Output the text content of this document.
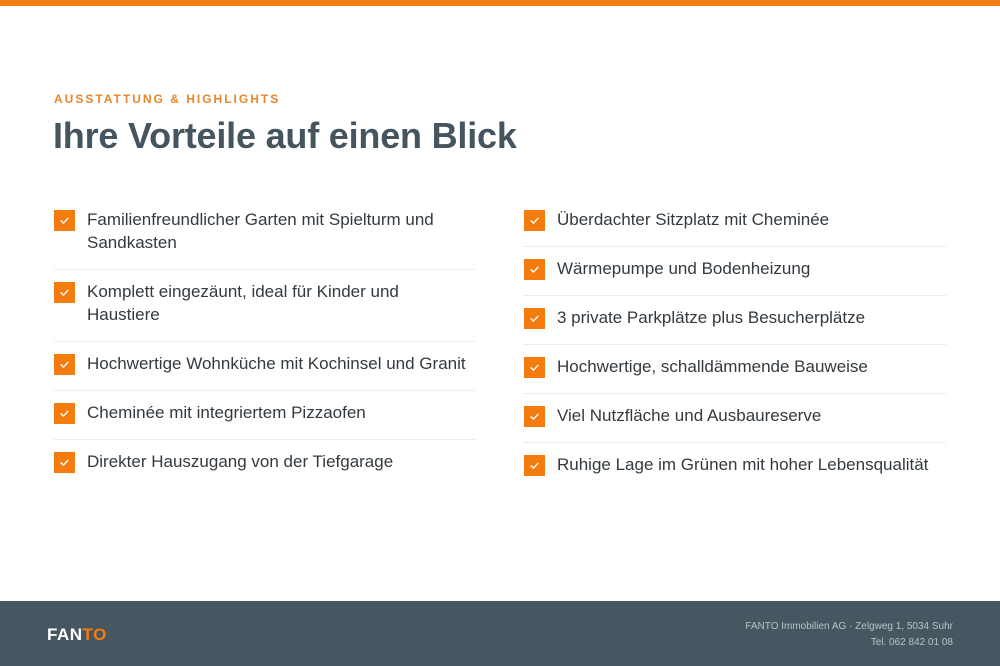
AUSSTATTUNG & HIGHLIGHTS
Ihre Vorteile auf einen Blick
Familienfreundlicher Garten mit Spielturm und Sandkasten
Komplett eingezäunt, ideal für Kinder und Haustiere
Hochwertige Wohnküche mit Kochinsel und Granit
Cheminée mit integriertem Pizzaofen
Direkter Hauszugang von der Tiefgarage
Überdachter Sitzplatz mit Cheminée
Wärmepumpe und Bodenheizung
3 private Parkplätze plus Besucherplätze
Hochwertige, schalldämmende Bauweise
Viel Nutzfläche und Ausbaureserve
Ruhige Lage im Grünen mit hoher Lebensqualität
FANTO	FANTO Immobilien AG · Zelgweg 1, 5034 Suhr
Tel. 062 842 01 08
